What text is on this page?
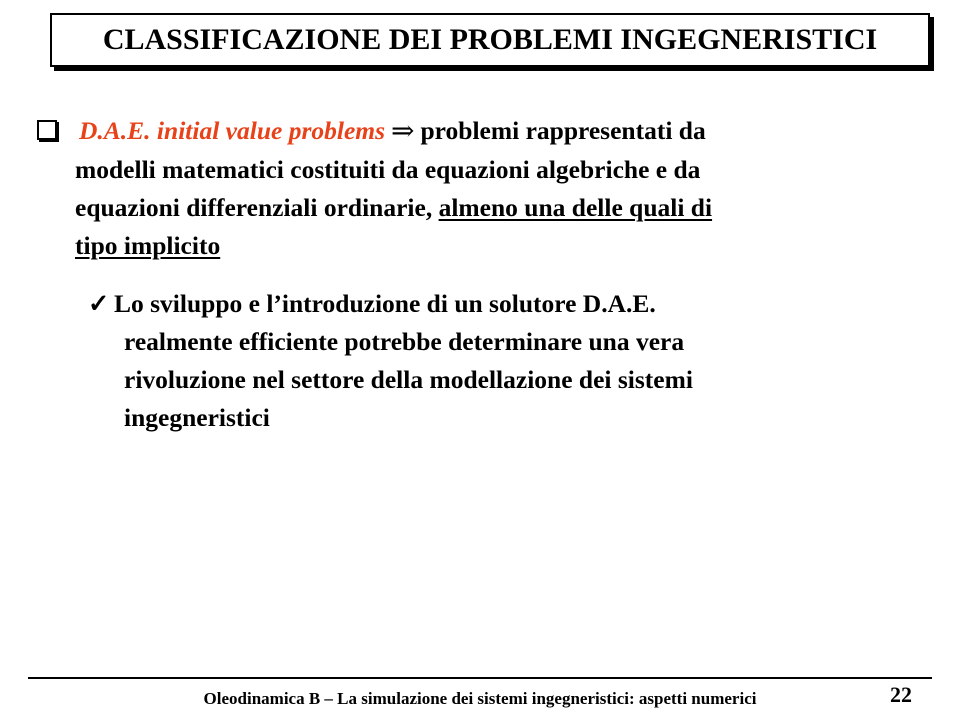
CLASSIFICAZIONE DEI PROBLEMI INGEGNERISTICI
D.A.E. initial value problems ⇒ problemi rappresentati da
modelli matematici costituiti da equazioni algebriche e da
equazioni differenziali ordinarie, almeno una delle quali di
tipo implicito
✓ Lo sviluppo e l’introduzione di un solutore D.A.E.
realmente efficiente potrebbe determinare una vera
rivoluzione nel settore della modellazione dei sistemi
ingegneristici
Oleodinamica B – La simulazione dei sistemi ingegneristici: aspetti numerici	22
